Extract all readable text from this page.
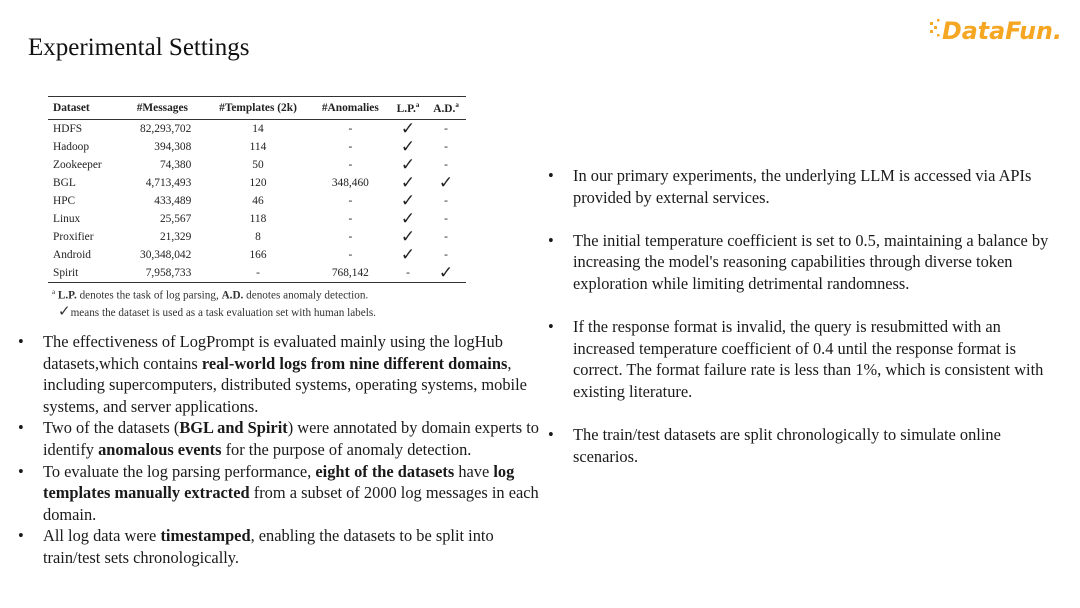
Experimental Settings
DataFun.
Dataset	#Messages	#Templates (2k)	#Anomalies	L.P.$^a$	A.D.$^a$
HDFS	82,293,702	14	-	✓	-
Hadoop	394,308	114	-	✓	-
Zookeeper	74,380	50	-	✓	-
BGL	4,713,493	120	348,460	✓	✓
HPC	433,489	46	-	✓	-
Linux	25,567	118	-	✓	-
Proxifier	21,329	8	-	✓	-
Android	30,348,042	166	-	✓	-
Spirit	7,958,733	-	768,142	-	✓
$^a$ L.P. denotes the task of log parsing, A.D. denotes anomaly detection.
✓means the dataset is used as a task evaluation set with human labels.
• The effectiveness of LogPrompt is evaluated mainly using the logHub datasets,which contains real-world logs from nine different domains, including supercomputers, distributed systems, operating systems, mobile systems, and server applications.
• Two of the datasets (BGL and Spirit) were annotated by domain experts to identify anomalous events for the purpose of anomaly detection.
• To evaluate the log parsing performance, eight of the datasets have log templates manually extracted from a subset of 2000 log messages in each domain.
• All log data were timestamped, enabling the datasets to be split into train/test sets chronologically.
• In our primary experiments, the underlying LLM is accessed via APIs provided by external services.
• The initial temperature coefficient is set to 0.5, maintaining a balance by increasing the model's reasoning capabilities through diverse token exploration while limiting detrimental randomness.
• If the response format is invalid, the query is resubmitted with an increased temperature coefficient of 0.4 until the response format is correct. The format failure rate is less than 1%, which is consistent with existing literature.
• The train/test datasets are split chronologically to simulate online scenarios.
